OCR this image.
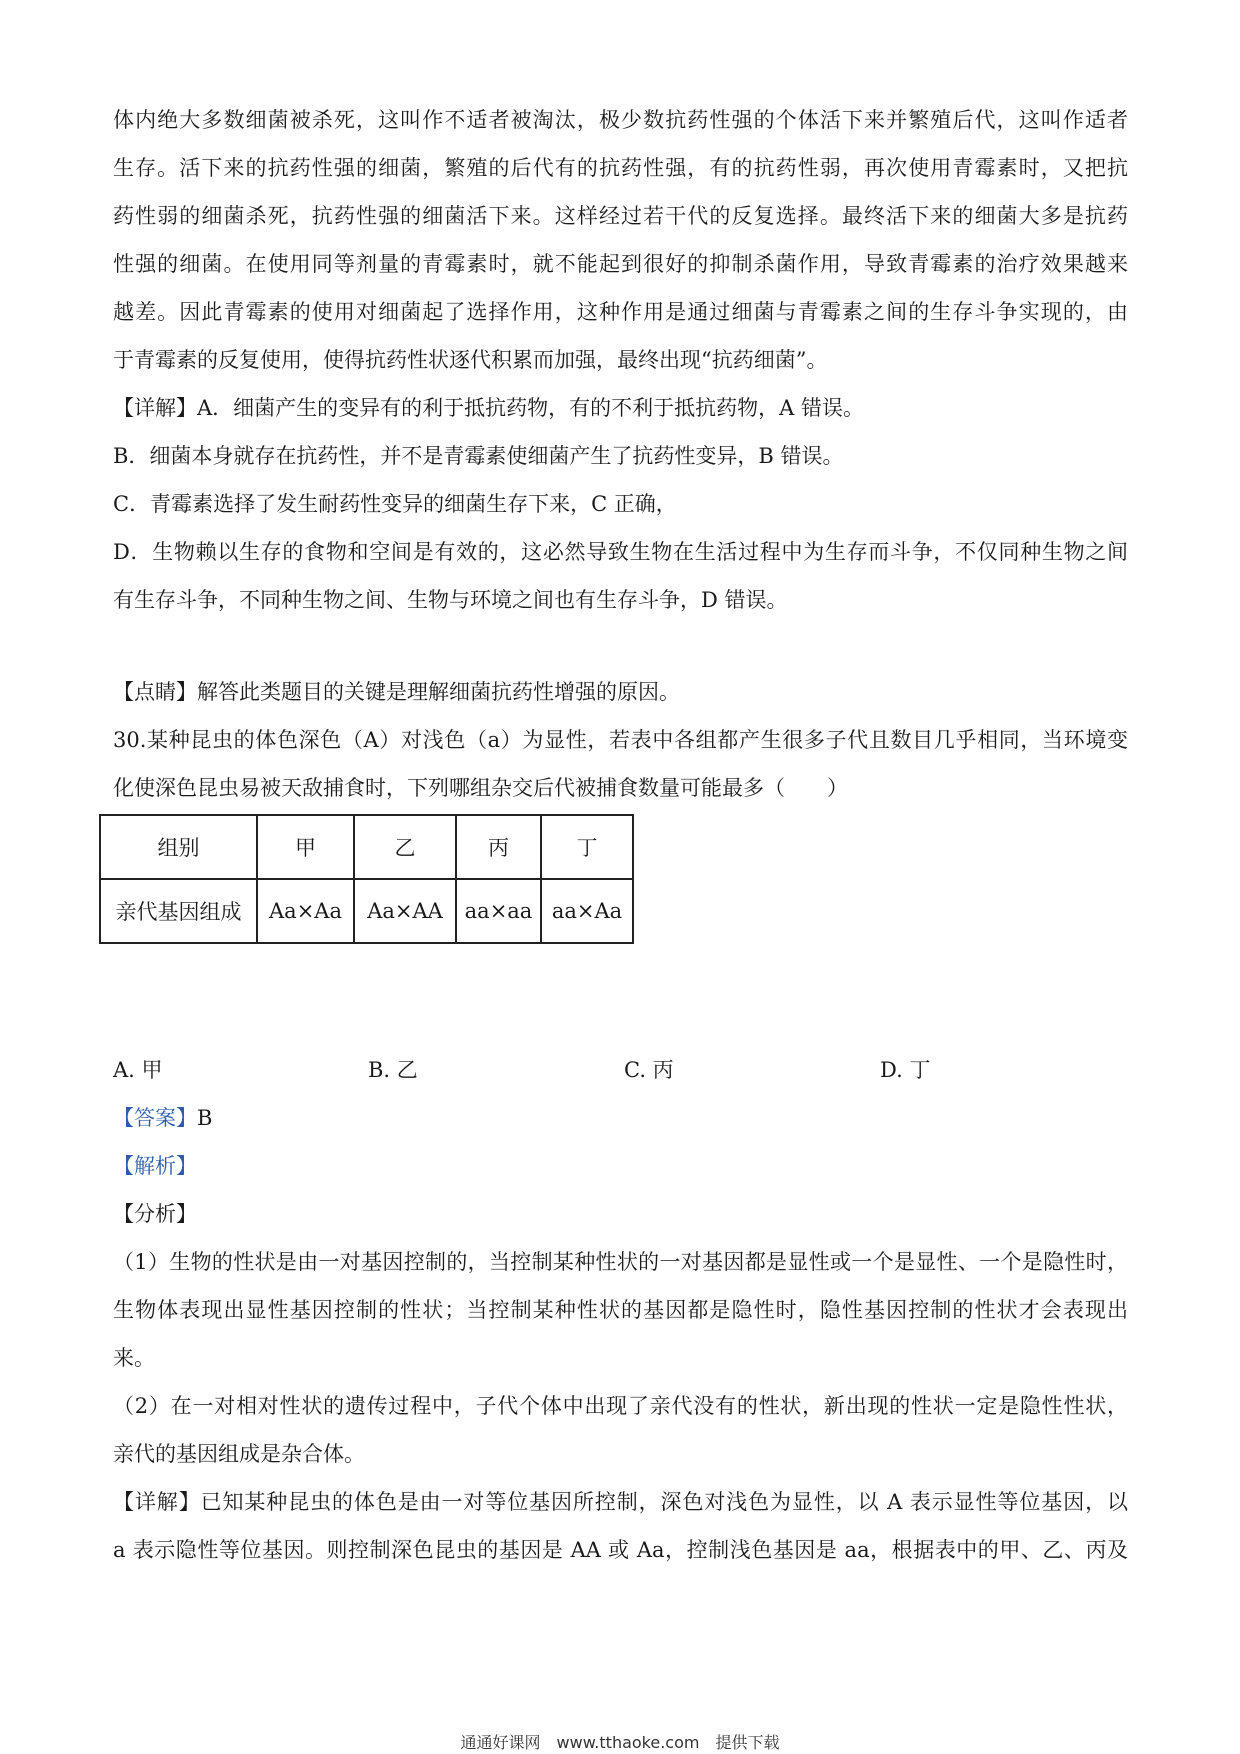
体内绝大多数细菌被杀死，这叫作不适者被淘汰，极少数抗药性强的个体活下来并繁殖后代，这叫作适者

生存。活下来的抗药性强的细菌，繁殖的后代有的抗药性强，有的抗药性弱，再次使用青霉素时，又把抗

药性弱的细菌杀死，抗药性强的细菌活下来。这样经过若干代的反复选择。最终活下来的细菌大多是抗药

性强的细菌。在使用同等剂量的青霉素时，就不能起到很好的抑制杀菌作用，导致青霉素的治疗效果越来

越差。因此青霉素的使用对细菌起了选择作用，这种作用是通过细菌与青霉素之间的生存斗争实现的，由

于青霉素的反复使用，使得抗药性状逐代积累而加强，最终出现“抗药细菌”。

【详解】A．细菌产生的变异有的利于抵抗药物，有的不利于抵抗药物，A 错误。

B．细菌本身就存在抗药性，并不是青霉素使细菌产生了抗药性变异，B 错误。

C．青霉素选择了发生耐药性变异的细菌生存下来，C 正确，

D．生物赖以生存的食物和空间是有效的，这必然导致生物在生活过程中为生存而斗争，不仅同种生物之间

有生存斗争，不同种生物之间、生物与环境之间也有生存斗争，D 错误。

【点睛】解答此类题目的关键是理解细菌抗药性增强的原因。

30.某种昆虫的体色深色（A）对浅色（a）为显性，若表中各组都产生很多子代且数目几乎相同，当环境变

化使深色昆虫易被天敌捕食时，下列哪组杂交后代被捕食数量可能最多（　　）

组别	甲	乙	丙	丁
亲代基因组成	Aa×Aa	Aa×AA	aa×aa	aa×Aa
A. 甲	B. 乙	C. 丙	D. 丁

【答案】B

【解析】

【分析】

（1）生物的性状是由一对基因控制的，当控制某种性状的一对基因都是显性或一个是显性、一个是隐性时，

生物体表现出显性基因控制的性状；当控制某种性状的基因都是隐性时，隐性基因控制的性状才会表现出

来。

（2）在一对相对性状的遗传过程中，子代个体中出现了亲代没有的性状，新出现的性状一定是隐性性状，

亲代的基因组成是杂合体。

【详解】已知某种昆虫的体色是由一对等位基因所控制，深色对浅色为显性，以 A 表示显性等位基因，以

a 表示隐性等位基因。则控制深色昆虫的基因是 AA 或 Aa，控制浅色基因是 aa，根据表中的甲、乙、丙及

通通好课网　www.tthaoke.com　提供下载
